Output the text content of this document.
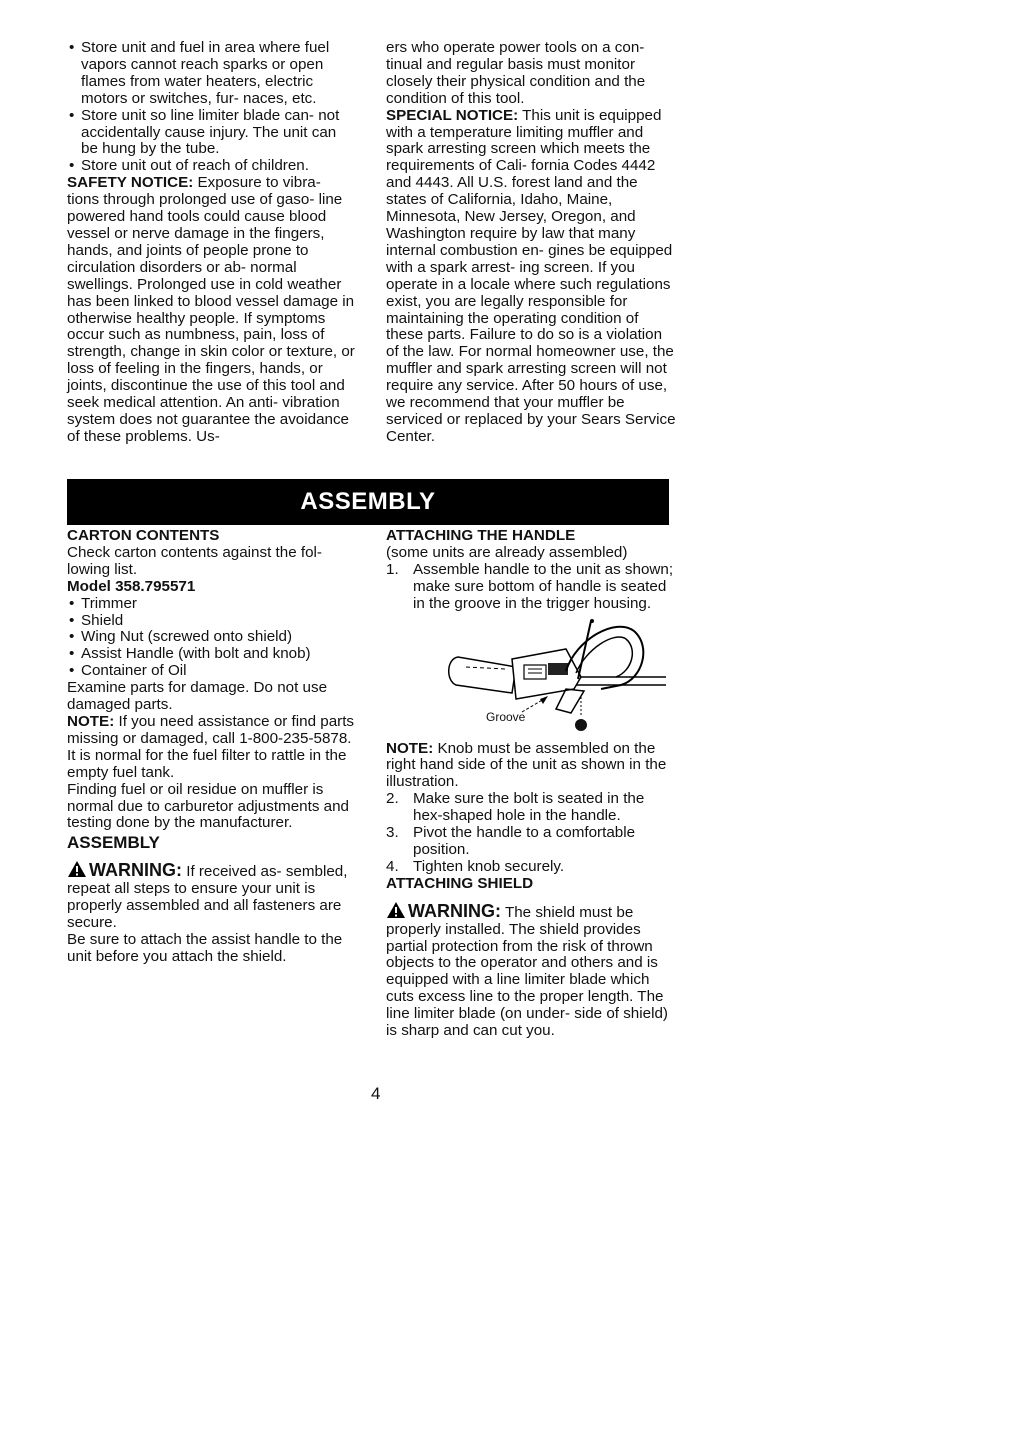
• Store unit and fuel in area where fuel vapors cannot reach sparks or open flames from water heaters, electric motors or switches, fur- naces, etc.

• Store unit so line limiter blade can- not accidentally cause injury. The unit can be hung by the tube.

• Store unit out of reach of children.

SAFETY NOTICE: Exposure to vibra- tions through prolonged use of gaso- line powered hand tools could cause blood vessel or nerve damage in the fingers, hands, and joints of people prone to circulation disorders or ab- normal swellings. Prolonged use in cold weather has been linked to blood vessel damage in otherwise healthy people. If symptoms occur such as numbness, pain, loss of strength, change in skin color or texture, or loss of feeling in the fingers, hands, or joints, discontinue the use of this tool and seek medical attention. An anti- vibration system does not guarantee the avoidance of these problems. Us-

ers who operate power tools on a con- tinual and regular basis must monitor closely their physical condition and the condition of this tool.

SPECIAL NOTICE: This unit is equipped with a temperature limiting muffler and spark arresting screen which meets the requirements of Cali- fornia Codes 4442 and 4443. All U.S. forest land and the states of California, Idaho, Maine, Minnesota, New Jersey, Oregon, and Washington require by law that many internal combustion en- gines be equipped with a spark arrest- ing screen. If you operate in a locale where such regulations exist, you are legally responsible for maintaining the operating condition of these parts. Failure to do so is a violation of the law. For normal homeowner use, the muffler and spark arresting screen will not require any service. After 50 hours of use, we recommend that your muffler be serviced or replaced by your Sears Service Center.

ASSEMBLY

CARTON CONTENTS

Check carton contents against the fol- lowing list.

Model 358.795571

• Trimmer

• Shield

• Wing Nut (screwed onto shield)

• Assist Handle (with bolt and knob)

• Container of Oil

Examine parts for damage. Do not use damaged parts.

NOTE: If you need assistance or find parts missing or damaged, call 1-800-235-5878.

It is normal for the fuel filter to rattle in the empty fuel tank.

Finding fuel or oil residue on muffler is normal due to carburetor adjustments and testing done by the manufacturer.

ASSEMBLY

WARNING: If received as- sembled, repeat all steps to ensure your unit is properly assembled and all fasteners are secure.

Be sure to attach the assist handle to the unit before you attach the shield.

ATTACHING THE HANDLE

(some units are already assembled)

1. Assemble handle to the unit as shown; make sure bottom of handle is seated in the groove in the trigger housing.

Groove

NOTE: Knob must be assembled on the right hand side of the unit as shown in the illustration.

2. Make sure the bolt is seated in the hex-shaped hole in the handle.

3. Pivot the handle to a comfortable position.

4. Tighten knob securely.

ATTACHING SHIELD

WARNING: The shield must be properly installed. The shield provides partial protection from the risk of thrown objects to the operator and others and is equipped with a line limiter blade which cuts excess line to the proper length. The line limiter blade (on under- side of shield) is sharp and can cut you.

4
